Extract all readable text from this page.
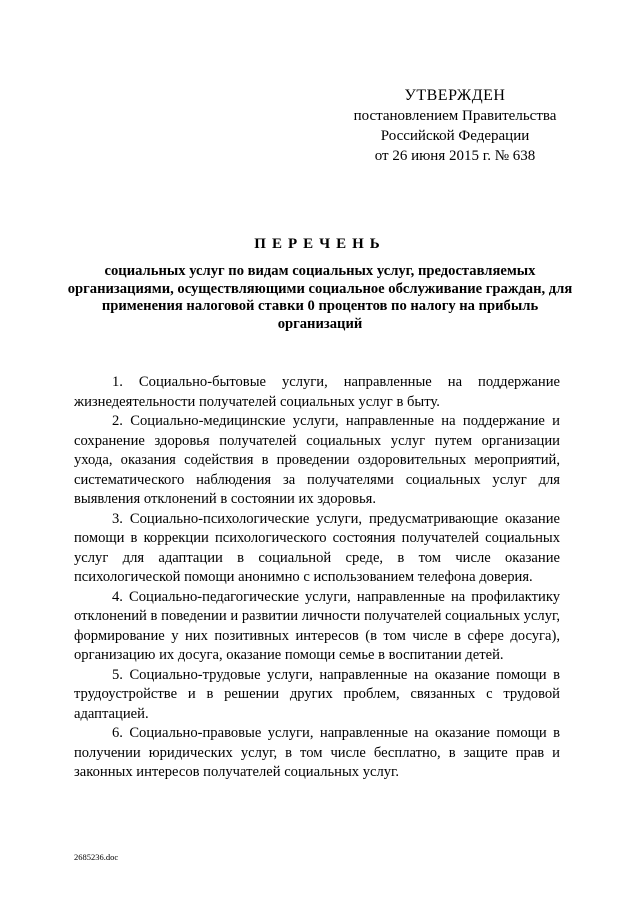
УТВЕРЖДЕН
постановлением Правительства
Российской Федерации
от 26 июня 2015 г. № 638
ПЕРЕЧЕНЬ
социальных услуг по видам социальных услуг, предоставляемых организациями, осуществляющими социальное обслуживание граждан, для применения налоговой ставки 0 процентов по налогу на прибыль организаций

1. Социально-бытовые услуги, направленные на поддержание жизнедеятельности получателей социальных услуг в быту.

2. Социально-медицинские услуги, направленные на поддержание и сохранение здоровья получателей социальных услуг путем организации ухода, оказания содействия в проведении оздоровительных мероприятий, систематического наблюдения за получателями социальных услуг для выявления отклонений в состоянии их здоровья.

3. Социально-психологические услуги, предусматривающие оказание помощи в коррекции психологического состояния получателей социальных услуг для адаптации в социальной среде, в том числе оказание психологической помощи анонимно с использованием телефона доверия.

4. Социально-педагогические услуги, направленные на профилактику отклонений в поведении и развитии личности получателей социальных услуг, формирование у них позитивных интересов (в том числе в сфере досуга), организацию их досуга, оказание помощи семье в воспитании детей.

5. Социально-трудовые услуги, направленные на оказание помощи в трудоустройстве и в решении других проблем, связанных с трудовой адаптацией.

6. Социально-правовые услуги, направленные на оказание помощи в получении юридических услуг, в том числе бесплатно, в защите прав и законных интересов получателей социальных услуг.

2685236.doc
